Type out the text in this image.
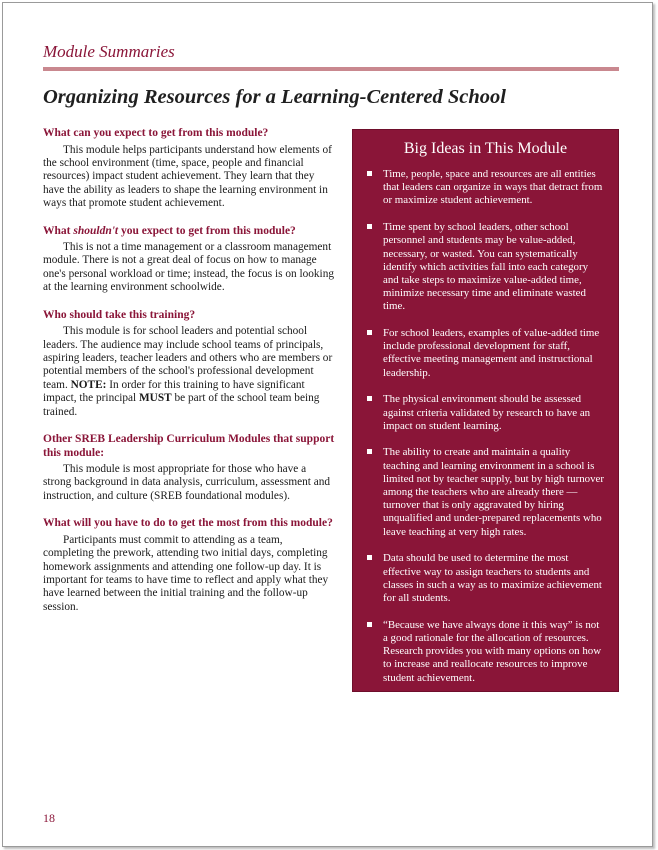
Module Summaries
Organizing Resources for a Learning-Centered School
What can you expect to get from this module?

This module helps participants understand how elements of the school environment (time, space, people and financial resources) impact student achievement. They learn that they have the ability as leaders to shape the learning environment in ways that promote student achievement.

What shouldn't you expect to get from this module?

This is not a time management or a classroom management module. There is not a great deal of focus on how to manage one's personal workload or time; instead, the focus is on looking at the learning environment schoolwide.

Who should take this training?

This module is for school leaders and potential school leaders. The audience may include school teams of principals, aspiring leaders, teacher leaders and others who are members or potential members of the school's professional development team. NOTE: In order for this training to have significant impact, the principal MUST be part of the school team being trained.

Other SREB Leadership Curriculum Modules that support this module:

This module is most appropriate for those who have a strong background in data analysis, curriculum, assessment and instruction, and culture (SREB foundational modules).

What will you have to do to get the most from this module?

Participants must commit to attending as a team, completing the prework, attending two initial days, completing homework assignments and attending one follow-up day. It is important for teams to have time to reflect and apply what they have learned between the initial training and the follow-up session.

Big Ideas in This Module
Time, people, space and resources are all entities that leaders can organize in ways that detract from or maximize student achievement.
Time spent by school leaders, other school personnel and students may be value-added, necessary, or wasted. You can systematically identify which activities fall into each category and take steps to maximize value-added time, minimize necessary time and eliminate wasted time.
For school leaders, examples of value-added time include professional development for staff, effective meeting management and instructional leadership.
The physical environment should be assessed against criteria validated by research to have an impact on student learning.
The ability to create and maintain a quality teaching and learning environment in a school is limited not by teacher supply, but by high turnover among the teachers who are already there — turnover that is only aggravated by hiring unqualified and under-prepared replacements who leave teaching at very high rates.
Data should be used to determine the most effective way to assign teachers to students and classes in such a way as to maximize achievement for all students.
“Because we have always done it this way” is not a good rationale for the allocation of resources. Research provides you with many options on how to increase and reallocate resources to improve student achievement.
18
